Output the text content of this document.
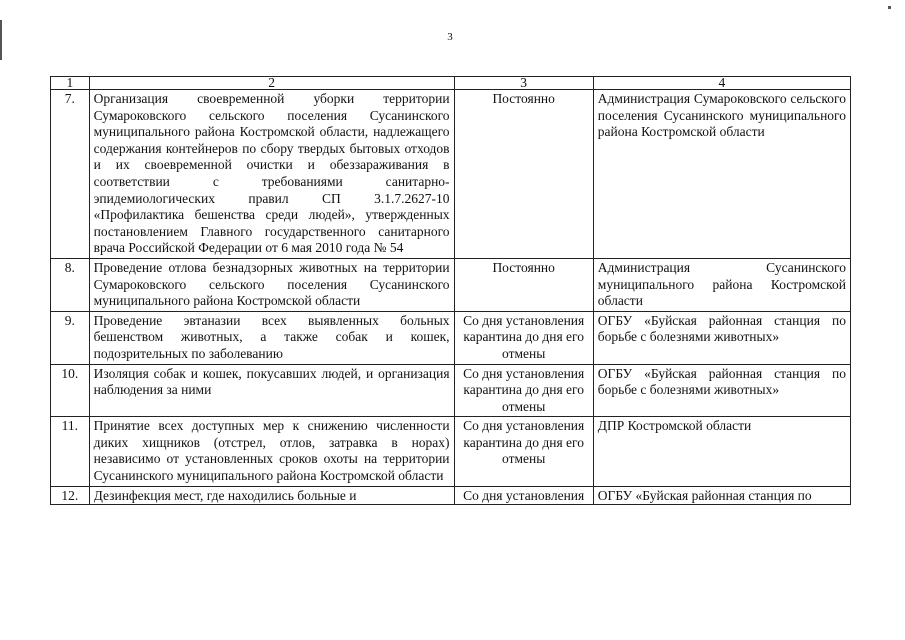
3
1	2	3	4
7.	Организация своевременной уборки территории Сумароковского сельского поселения Сусанинского муниципального района Костромской области, надлежащего содержания контейнеров по сбору твердых бытовых отходов и их своевременной очистки и обеззараживания в соответствии с требованиями санитарно-эпидемиологических правил СП 3.1.7.2627-10 «Профилактика бешенства среди людей», утвержденных постановлением Главного государственного санитарного врача Российской Федерации от 6 мая 2010 года № 54	Постоянно	Администрация Сумароковского сельского поселения Сусанинского муниципального района Костромской области
8.	Проведение отлова безнадзорных животных на территории Сумароковского сельского поселения Сусанинского муниципального района Костромской области	Постоянно	Администрация Сусанинского муниципального района Костромской области
9.	Проведение эвтаназии всех выявленных больных бешенством животных, а также собак и кошек, подозрительных по заболеванию	Со дня установления карантина до дня его отмены	ОГБУ «Буйская районная станция по борьбе с болезнями животных»
10.	Изоляция собак и кошек, покусавших людей, и организация наблюдения за ними	Со дня установления карантина до дня его отмены	ОГБУ «Буйская районная станция по борьбе с болезнями животных»
11.	Принятие всех доступных мер к снижению численности диких хищников (отстрел, отлов, затравка в норах) независимо от установленных сроков охоты на территории Сусанинского муниципального района Костромской области	Со дня установления карантина до дня его отмены	ДПР Костромской области

12.	Дезинфекция мест, где находились больные и	Со дня установления	ОГБУ «Буйская районная станция по
